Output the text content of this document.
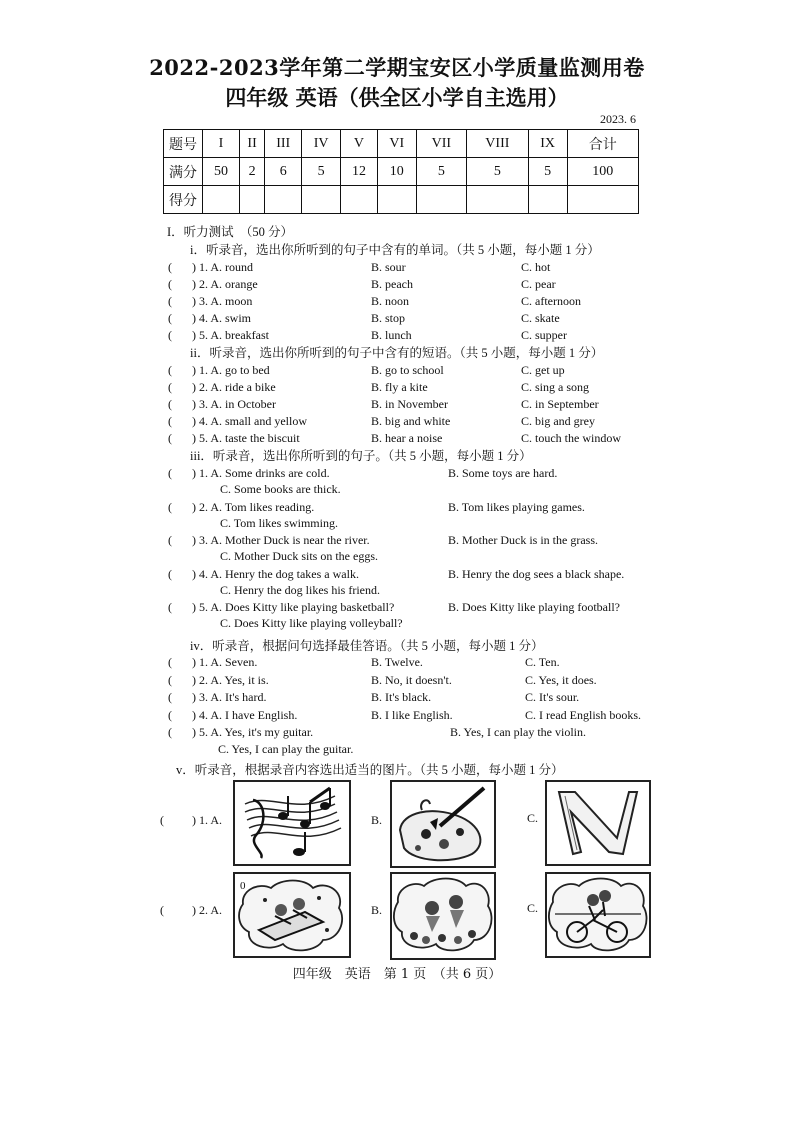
2022-2023学年第二学期宝安区小学质量监测用卷
四年级 英语（供全区小学自主选用）
2023. 6
题号	I	II	III	IV	V	VI	VII	VIII	IX	合计
满分	50	2	6	5	12	10	5	5	5	100
得分										
I．听力测试　（50 分）
i．听录音，选出你所听到的句子中含有的单词。（共 5 小题，每小题 1 分）
( ) 1. A. round	B. sour	C. hot
( ) 2. A. orange	B. peach	C. pear
( ) 3. A. moon	B. noon	C. afternoon
( ) 4. A. swim	B. stop	C. skate
( ) 5. A. breakfast	B. lunch	C. supper
ii．听录音，选出你所听到的句子中含有的短语。（共 5 小题，每小题 1 分）
( ) 1. A. go to bed	B. go to school	C. get up
( ) 2. A. ride a bike	B. fly a kite	C. sing a song
( ) 3. A. in October	B. in November	C. in September
( ) 4. A. small and yellow	B. big and white	C. big and grey
( ) 5. A. taste the biscuit	B. hear a noise	C. touch the window
iii．听录音，选出你所听到的句子。（共 5 小题，每小题 1 分）
( ) 1. A. Some drinks are cold.	B. Some toys are hard.
C. Some books are thick.
( ) 2. A. Tom likes reading.	B. Tom likes playing games.
C. Tom likes swimming.
( ) 3. A. Mother Duck is near the river.	B. Mother Duck is in the grass.
C. Mother Duck sits on the eggs.
( ) 4. A. Henry the dog takes a walk.	B. Henry the dog sees a black shape.
C. Henry the dog likes his friend.
( ) 5. A. Does Kitty like playing basketball?	B. Does Kitty like playing football?
C. Does Kitty like playing volleyball?
iv．听录音，根据问句选择最佳答语。（共 5 小题，每小题 1 分）
( ) 1. A. Seven.	B. Twelve.	C. Ten.
( ) 2. A. Yes, it is.	B. No, it doesn't.	C. Yes, it does.
( ) 3. A. It's hard.	B. It's black.	C. It's sour.
( ) 4. A. I have English.	B. I like English.	C. I read English books.
( ) 5. A. Yes, it's my guitar.	B. Yes, I can play the violin.
C. Yes, I can play the guitar.
v．听录音，根据录音内容选出适当的图片。（共 5 小题，每小题 1 分）
( ) 1. A.	B.	C.
( ) 2. A.	B.	C.
0
四年级　英语　第 1 页　（共 6 页）
